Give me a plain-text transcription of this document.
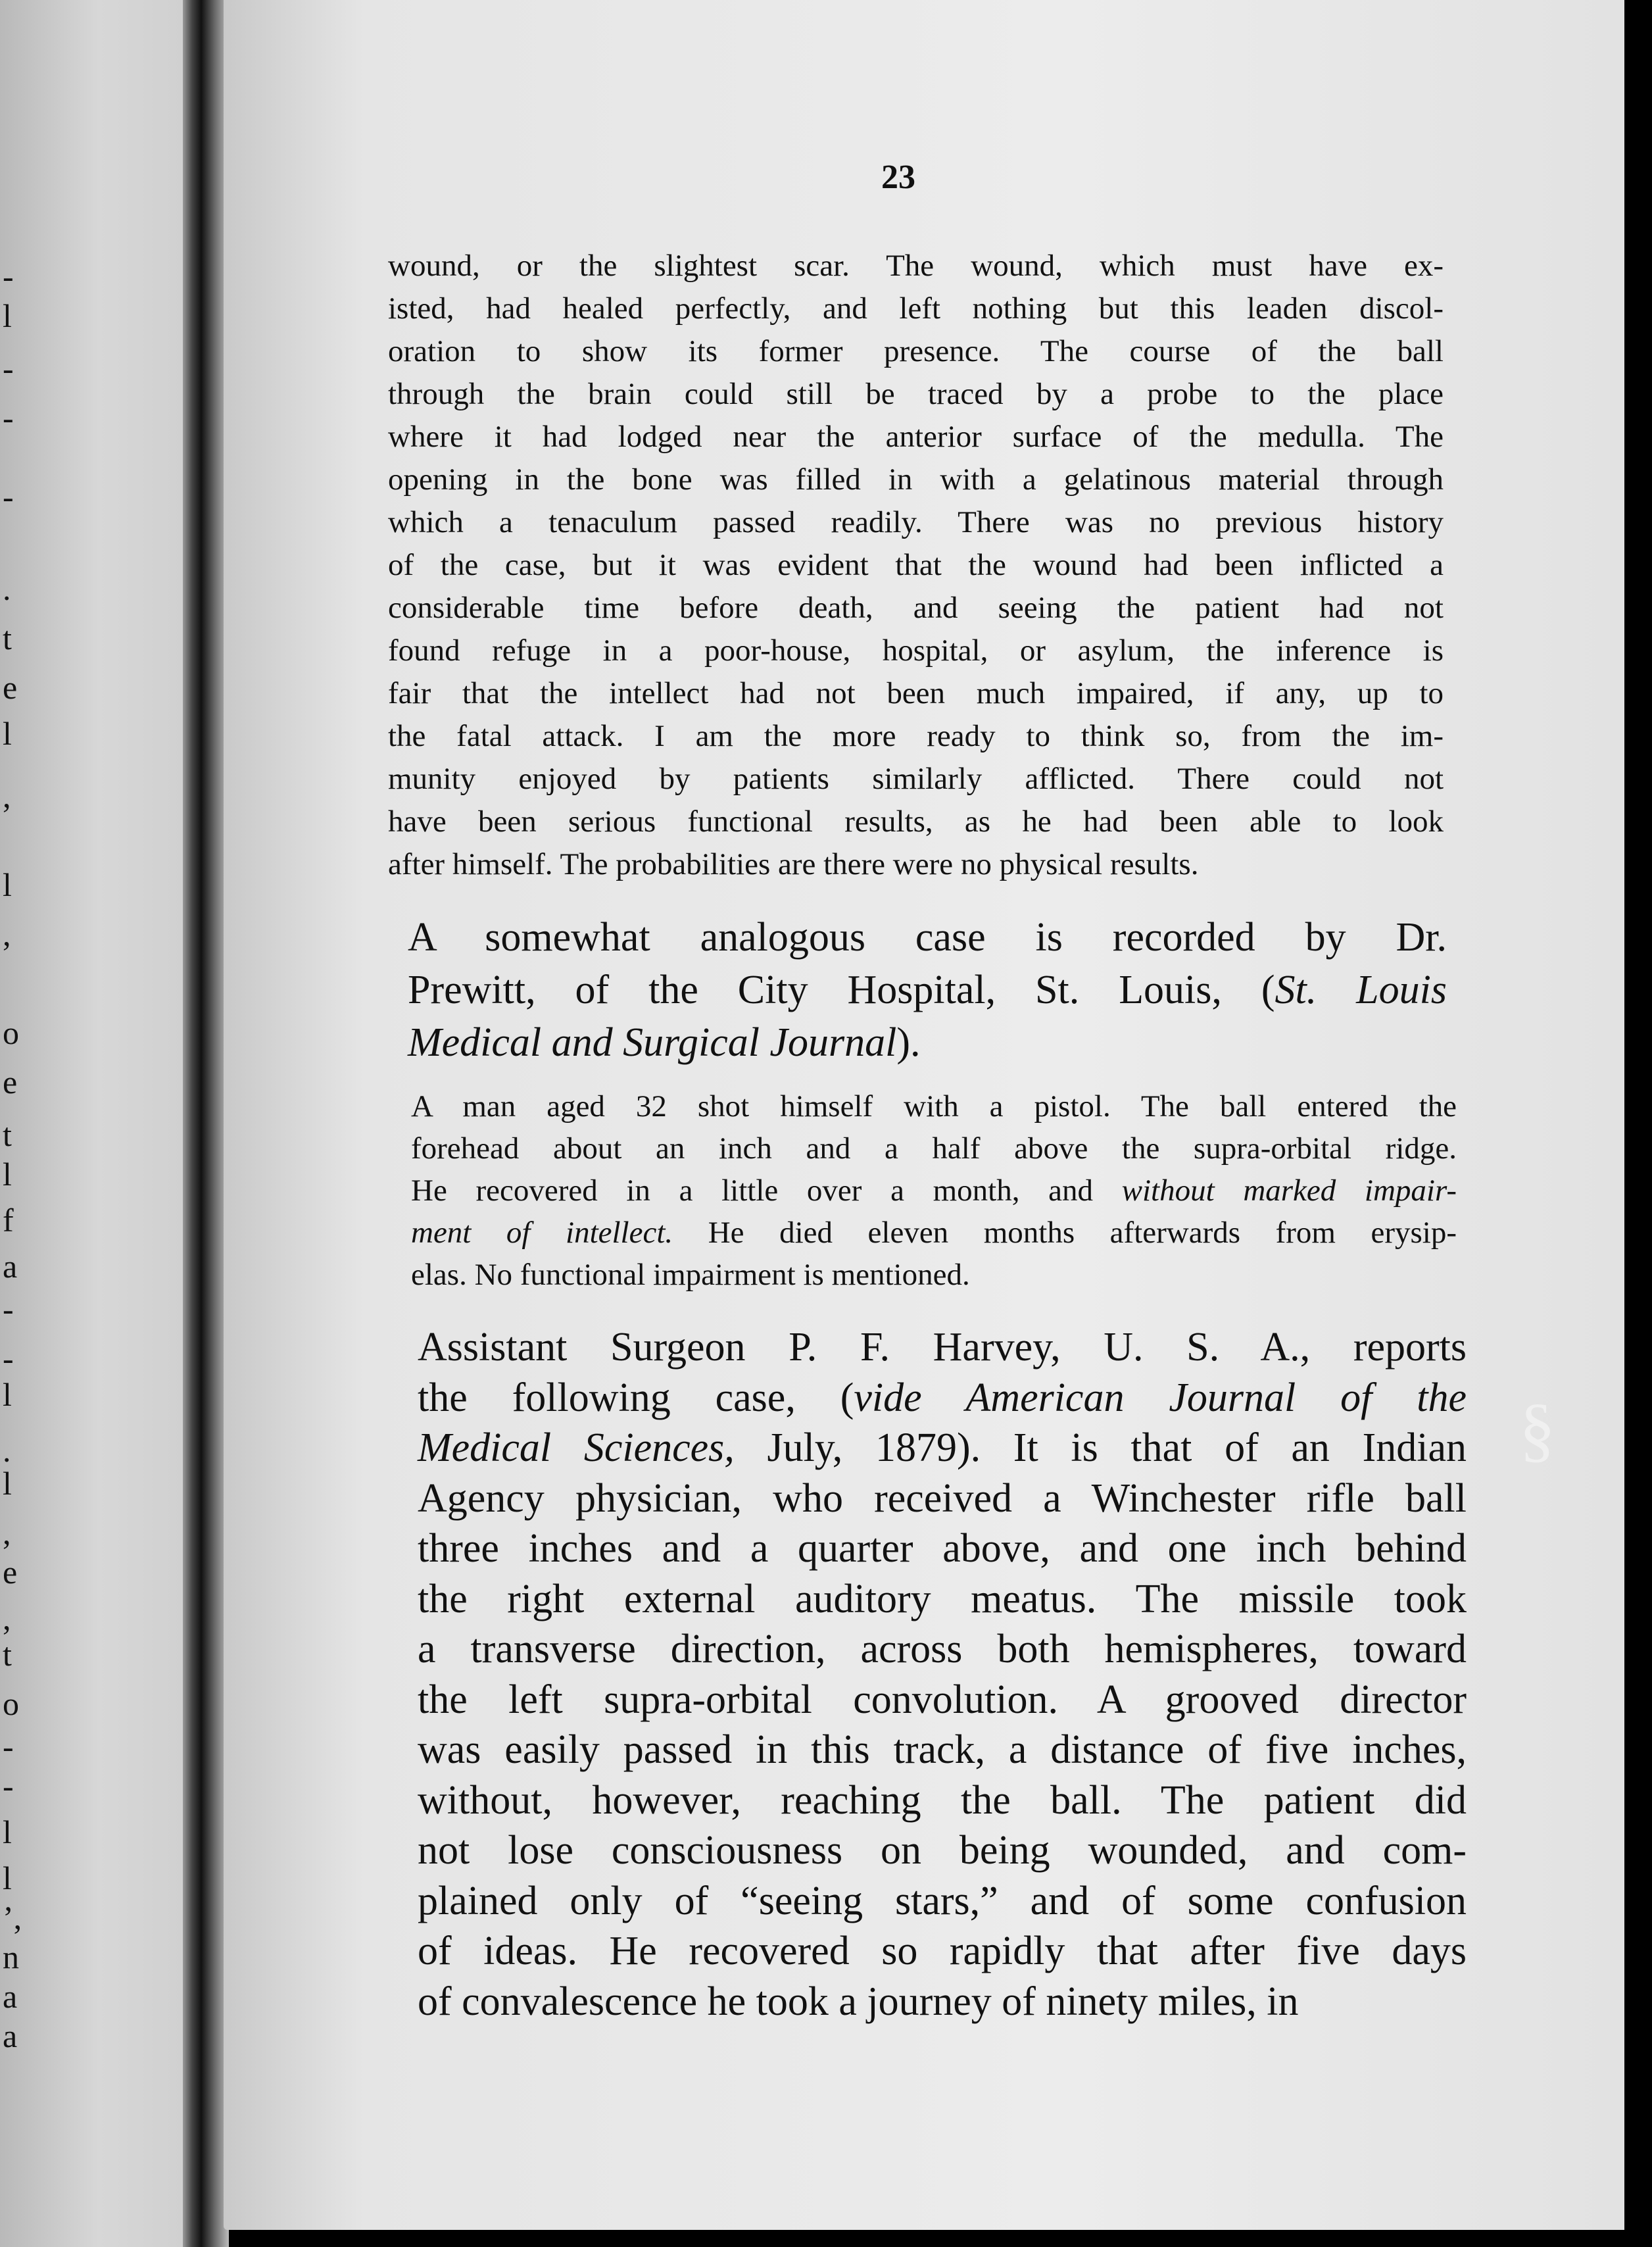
-
l
-
-
-
.
t
e
l
,
l
,
o
e
t
l
f
a
-
-
l
.
l
,
e
,
t
o
-
-
l
l
’,
n
a
a
23
wound, or the slightest scar. The wound, which must have ex-
isted, had healed perfectly, and left nothing but this leaden discol-
oration to show its former presence. The course of the ball
through the brain could still be traced by a probe to the place
where it had lodged near the anterior surface of the medulla. The
opening in the bone was filled in with a gelatinous material through
which a tenaculum passed readily. There was no previous history
of the case, but it was evident that the wound had been inflicted a
considerable time before death, and seeing the patient had not
found refuge in a poor-house, hospital, or asylum, the inference is
fair that the intellect had not been much impaired, if any, up to
the fatal attack. I am the more ready to think so, from the im-
munity enjoyed by patients similarly afflicted. There could not
have been serious functional results, as he had been able to look
after himself. The probabilities are there were no physical results.
A somewhat analogous case is recorded by Dr.
Prewitt, of the City Hospital, St. Louis, (St. Louis
Medical and Surgical Journal).
A man aged 32 shot himself with a pistol. The ball entered the
forehead about an inch and a half above the supra-orbital ridge.
He recovered in a little over a month, and without marked impair-
ment of intellect. He died eleven months afterwards from erysip-
elas. No functional impairment is mentioned.
Assistant Surgeon P. F. Harvey, U. S. A., reports
the following case, (vide American Journal of the
Medical Sciences, July, 1879). It is that of an Indian
Agency physician, who received a Winchester rifle ball
three inches and a quarter above, and one inch behind
the right external auditory meatus. The missile took
a transverse direction, across both hemispheres, toward
the left supra-orbital convolution. A grooved director
was easily passed in this track, a distance of five inches,
without, however, reaching the ball. The patient did
not lose consciousness on being wounded, and com-
plained only of “seeing stars,” and of some confusion
of ideas. He recovered so rapidly that after five days
of convalescence he took a journey of ninety miles, in
§
